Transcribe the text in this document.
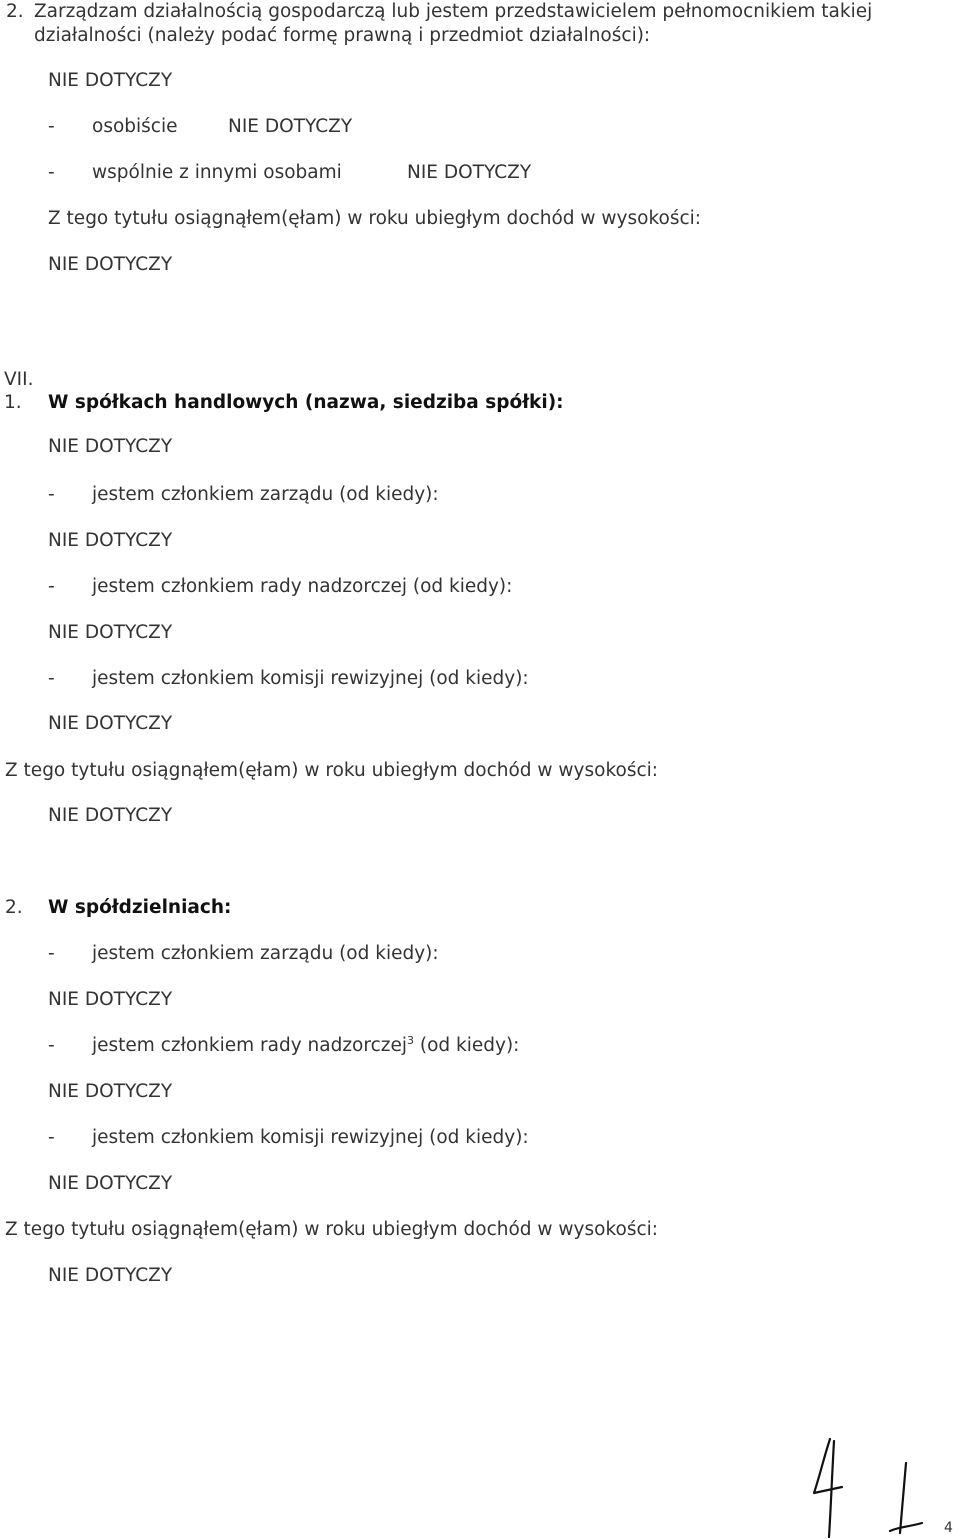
2. Zarządzam działalnością gospodarczą lub jestem przedstawicielem pełnomocnikiem takiej
działalności (należy podać formę prawną i przedmiot działalności):
NIE DOTYCZY
- osobiście	NIE DOTYCZY
- wspólnie z innymi osobami	NIE DOTYCZY
Z tego tytułu osiągnąłem(ęłam) w roku ubiegłym dochód w wysokości:
NIE DOTYCZY
VII.
1. W spółkach handlowych (nazwa, siedziba spółki):
NIE DOTYCZY
- jestem członkiem zarządu (od kiedy):
NIE DOTYCZY
- jestem członkiem rady nadzorczej (od kiedy):
NIE DOTYCZY
- jestem członkiem komisji rewizyjnej (od kiedy):
NIE DOTYCZY
Z tego tytułu osiągnąłem(ęłam) w roku ubiegłym dochód w wysokości:
NIE DOTYCZY
2. W spółdzielniach:
- jestem członkiem zarządu (od kiedy):
NIE DOTYCZY
- jestem członkiem rady nadzorczej$^3$ (od kiedy):
NIE DOTYCZY
- jestem członkiem komisji rewizyjnej (od kiedy):
NIE DOTYCZY
Z tego tytułu osiągnąłem(ęłam) w roku ubiegłym dochód w wysokości:
NIE DOTYCZY
4
